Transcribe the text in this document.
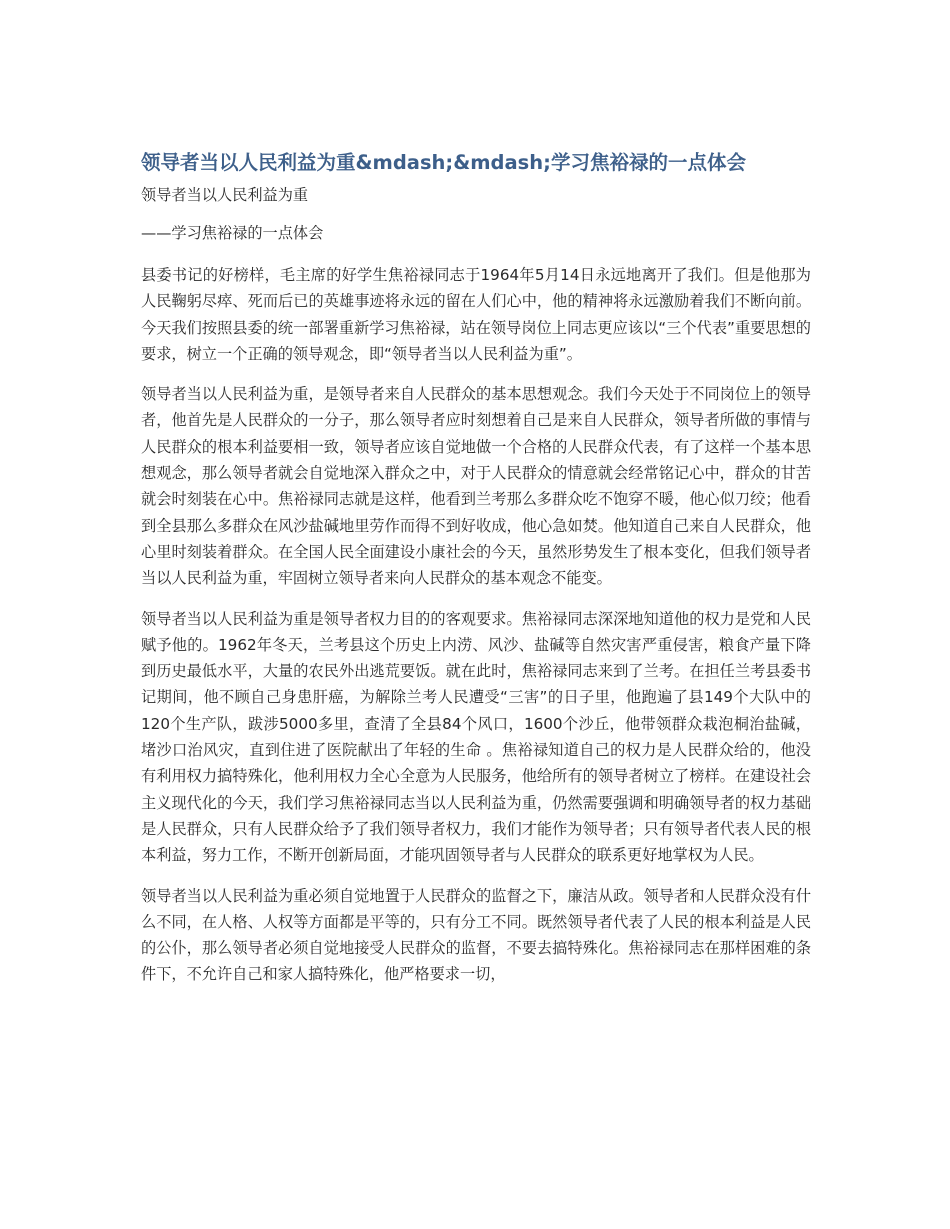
领导者当以人民利益为重&mdash;&mdash;学习焦裕禄的一点体会

领导者当以人民利益为重

——学习焦裕禄的一点体会

县委书记的好榜样，毛主席的好学生焦裕禄同志于1964年5月14日永远地离开了我们。但是他那为人民鞠躬尽瘁、死而后已的英雄事迹将永远的留在人们心中，他的精神将永远激励着我们不断向前。今天我们按照县委的统一部署重新学习焦裕禄，站在领导岗位上同志更应该以“三个代表”重要思想的要求，树立一个正确的领导观念，即“领导者当以人民利益为重”。

领导者当以人民利益为重，是领导者来自人民群众的基本思想观念。我们今天处于不同岗位上的领导者，他首先是人民群众的一分子，那么领导者应时刻想着自己是来自人民群众，领导者所做的事情与人民群众的根本利益要相一致，领导者应该自觉地做一个合格的人民群众代表，有了这样一个基本思想观念，那么领导者就会自觉地深入群众之中，对于人民群众的情意就会经常铭记心中，群众的甘苦就会时刻装在心中。焦裕禄同志就是这样，他看到兰考那么多群众吃不饱穿不暖，他心似刀绞；他看到全县那么多群众在风沙盐碱地里劳作而得不到好收成，他心急如焚。他知道自己来自人民群众，他心里时刻装着群众。在全国人民全面建设小康社会的今天，虽然形势发生了根本变化，但我们领导者当以人民利益为重，牢固树立领导者来向人民群众的基本观念不能变。

领导者当以人民利益为重是领导者权力目的的客观要求。焦裕禄同志深深地知道他的权力是党和人民赋予他的。1962年冬天，兰考县这个历史上内涝、风沙、盐碱等自然灾害严重侵害，粮食产量下降到历史最低水平，大量的农民外出逃荒要饭。就在此时，焦裕禄同志来到了兰考。在担任兰考县委书记期间，他不顾自己身患肝癌，为解除兰考人民遭受“三害”的日子里，他跑遍了县149个大队中的120个生产队，跋涉5000多里，查清了全县84个风口，1600个沙丘，他带领群众栽泡桐治盐碱，堵沙口治风灾，直到住进了医院献出了年轻的生命 。焦裕禄知道自己的权力是人民群众给的，他没有利用权力搞特殊化，他利用权力全心全意为人民服务，他给所有的领导者树立了榜样。在建设社会主义现代化的今天，我们学习焦裕禄同志当以人民利益为重，仍然需要强调和明确领导者的权力基础是人民群众，只有人民群众给予了我们领导者权力，我们才能作为领导者；只有领导者代表人民的根本利益，努力工作，不断开创新局面，才能巩固领导者与人民群众的联系更好地掌权为人民。

领导者当以人民利益为重必须自觉地置于人民群众的监督之下，廉洁从政。领导者和人民群众没有什么不同，在人格、人权等方面都是平等的，只有分工不同。既然领导者代表了人民的根本利益是人民的公仆，那么领导者必须自觉地接受人民群众的监督，不要去搞特殊化。焦裕禄同志在那样困难的条件下，不允许自己和家人搞特殊化，他严格要求一切，
